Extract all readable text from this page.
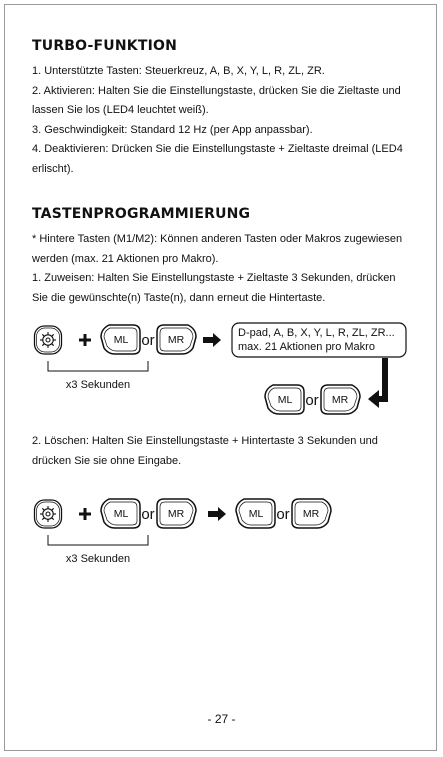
TURBO-FUNKTION
1. Unterstützte Tasten: Steuerkreuz, A, B, X, Y, L, R, ZL, ZR.
2. Aktivieren: Halten Sie die Einstellungstaste, drücken Sie die Zieltaste und
lassen Sie los (LED4 leuchtet weiß).
3. Geschwindigkeit: Standard 12 Hz (per App anpassbar).
4. Deaktivieren: Drücken Sie die Einstellungstaste + Zieltaste dreimal (LED4
erlischt).
TASTENPROGRAMMIERUNG
* Hintere Tasten (M1/M2): Können anderen Tasten oder Makros zugewiesen
werden (max. 21 Aktionen pro Makro).
1. Zuweisen: Halten Sie Einstellungstaste + Zieltaste 3 Sekunden, drücken
Sie die gewünschte(n) Taste(n), dann erneut die Hintertaste.
ML or MR
D-pad, A, B, X, Y, L, R, ZL, ZR...
max. 21 Aktionen pro Makro
x3 Sekunden
ML or MR
ML or MR	ML or MR
x3 Sekunden
2. Löschen: Halten Sie Einstellungstaste + Hintertaste 3 Sekunden und
drücken Sie sie ohne Eingabe.
- 27 -
